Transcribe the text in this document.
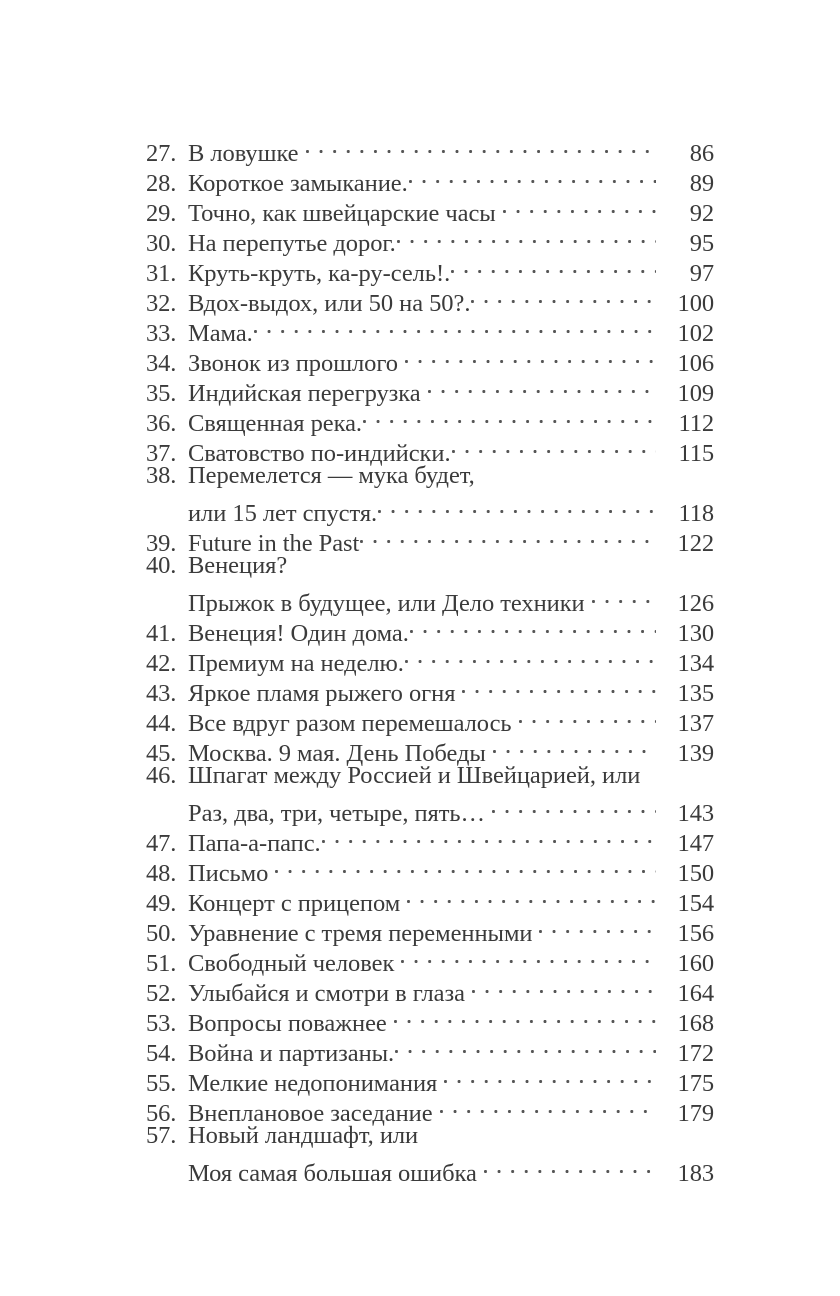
27. В ловушке	86
28. Короткое замыкание.	89
29. Точно, как швейцарские часы	92
30. На перепутье дорог.	95
31. Круть-круть, ка-ру-сель!.	97
32. Вдох-выдох, или 50 на 50?.	100
33. Мама.	102
34. Звонок из прошлого	106
35. Индийская перегрузка	109
36. Священная река.	112
37. Сватовство по-индийски.	115
38. Перемелется — мука будет,
или 15 лет спустя.	118
39. Future in the Past	122
40. Венеция?
Прыжок в будущее, или Дело техники	126
41. Венеция! Один дома.	130
42. Премиум на неделю.	134
43. Яркое пламя рыжего огня	135
44. Все вдруг разом перемешалось	137
45. Москва. 9 мая. День Победы	139
46. Шпагат между Россией и Швейцарией, или
Раз, два, три, четыре, пять…	143
47. Папа-а-папс.	147
48. Письмо	150
49. Концерт с прицепом	154
50. Уравнение с тремя переменными	156
51. Свободный человек	160
52. Улыбайся и смотри в глаза	164
53. Вопросы поважнее	168
54. Война и партизаны.	172
55. Мелкие недопонимания	175
56. Внеплановое заседание	179
57. Новый ландшафт, или
Моя самая большая ошибка	183
